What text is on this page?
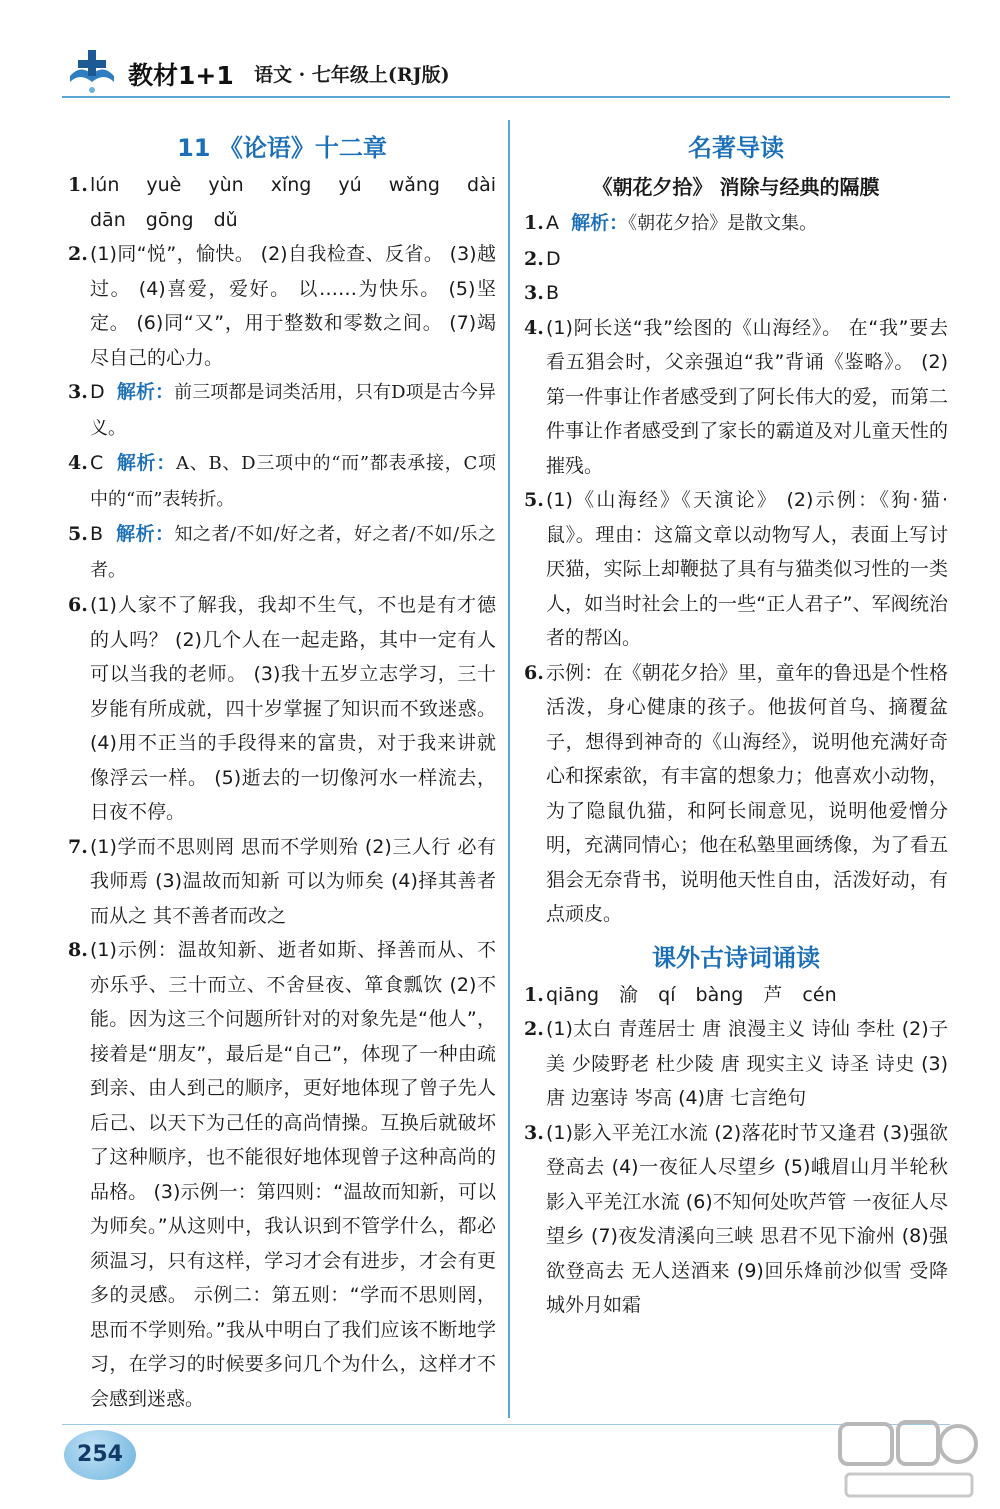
教材1+1 语文 · 七年级上(RJ版)
11 《论语》十二章
1. lún yuè yùn xǐng yú wǎng dài dān gōng dǔ
2. (1)同“悦”，愉快。 (2)自我检查、反省。 (3)越过。 (4)喜爱，爱好。 以……为快乐。 (5)坚定。 (6)同“又”，用于整数和零数之间。 (7)竭尽自己的心力。
3. D 解析：前三项都是词类活用，只有D项是古今异义。
4. C 解析：A、B、D三项中的“而”都表承接，C项中的“而”表转折。
5. B 解析：知之者/不如/好之者，好之者/不如/乐之者。
6. (1)人家不了解我，我却不生气，不也是有才德的人吗？ (2)几个人在一起走路，其中一定有人可以当我的老师。 (3)我十五岁立志学习，三十岁能有所成就，四十岁掌握了知识而不致迷惑。 (4)用不正当的手段得来的富贵，对于我来讲就像浮云一样。 (5)逝去的一切像河水一样流去，日夜不停。
7. (1)学而不思则罔 思而不学则殆 (2)三人行 必有我师焉 (3)温故而知新 可以为师矣 (4)择其善者而从之 其不善者而改之
8. (1)示例：温故知新、逝者如斯、择善而从、不亦乐乎、三十而立、不舍昼夜、箪食瓢饮 (2)不能。因为这三个问题所针对的对象先是“他人”，接着是“朋友”，最后是“自己”，体现了一种由疏到亲、由人到己的顺序，更好地体现了曾子先人后己、以天下为己任的高尚情操。互换后就破坏了这种顺序，也不能很好地体现曾子这种高尚的品格。 (3)示例一：第四则：“温故而知新，可以为师矣。”从这则中，我认识到不管学什么，都必须温习，只有这样，学习才会有进步，才会有更多的灵感。 示例二：第五则：“学而不思则罔，思而不学则殆。”我从中明白了我们应该不断地学习，在学习的时候要多问几个为什么，这样才不会感到迷惑。
名著导读
《朝花夕拾》 消除与经典的隔膜
1. A 解析：《朝花夕拾》是散文集。
2. D
3. B
4. (1)阿长送“我”绘图的《山海经》。 在“我”要去看五猖会时，父亲强迫“我”背诵《鉴略》。 (2)第一件事让作者感受到了阿长伟大的爱，而第二件事让作者感受到了家长的霸道及对儿童天性的摧残。
5. (1)《山海经》《天演论》 (2)示例：《狗·猫·鼠》。理由：这篇文章以动物写人，表面上写讨厌猫，实际上却鞭挞了具有与猫类似习性的一类人，如当时社会上的一些“正人君子”、军阀统治者的帮凶。
6. 示例：在《朝花夕拾》里，童年的鲁迅是个性格活泼，身心健康的孩子。他拔何首乌、摘覆盆子，想得到神奇的《山海经》，说明他充满好奇心和探索欲，有丰富的想象力；他喜欢小动物，为了隐鼠仇猫，和阿长闹意见，说明他爱憎分明，充满同情心；他在私塾里画绣像，为了看五猖会无奈背书，说明他天性自由，活泼好动，有点顽皮。
课外古诗词诵读
1. qiāng 渝 qí bàng 芦 cén
2. (1)太白 青莲居士 唐 浪漫主义 诗仙 李杜 (2)子美 少陵野老 杜少陵 唐 现实主义 诗圣 诗史 (3)唐 边塞诗 岑高 (4)唐 七言绝句
3. (1)影入平羌江水流 (2)落花时节又逢君 (3)强欲登高去 (4)一夜征人尽望乡 (5)峨眉山月半轮秋 影入平羌江水流 (6)不知何处吹芦管 一夜征人尽望乡 (7)夜发清溪向三峡 思君不见下渝州 (8)强欲登高去 无人送酒来 (9)回乐烽前沙似雪 受降城外月如霜
254
